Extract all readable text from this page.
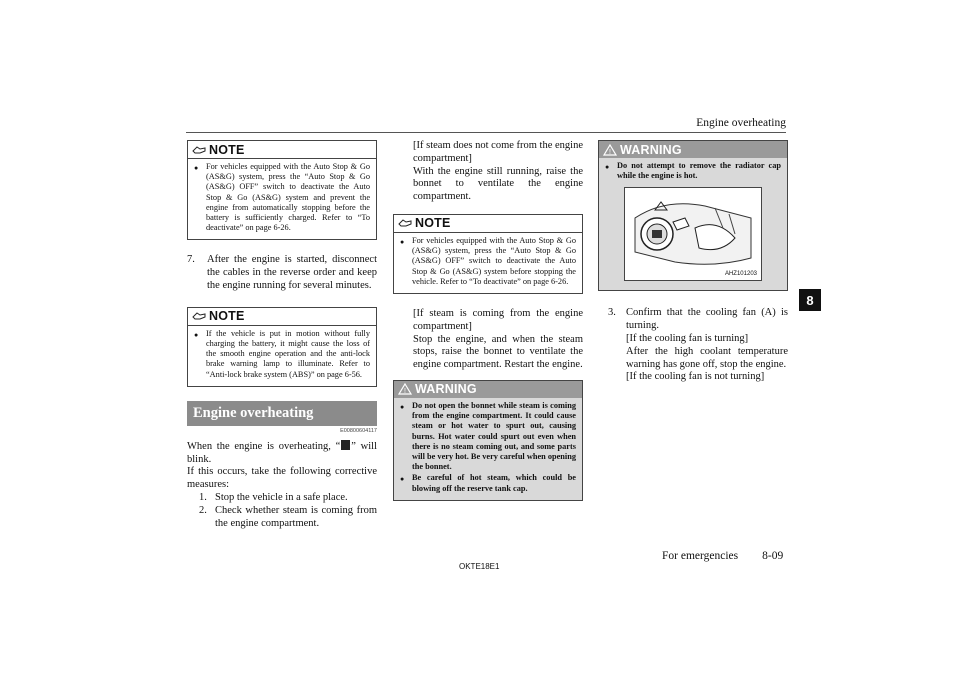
Engine overheating
8
NOTE
● For vehicles equipped with the Auto Stop & Go (AS&G) system, press the “Auto Stop & Go (AS&G) OFF” switch to deactivate the Auto Stop & Go (AS&G) system and prevent the engine from automatically stopping before the battery is sufficiently charged. Refer to “To deactivate” on page 6-26.
7.	After the engine is started, disconnect the cables in the reverse order and keep the engine running for several minutes.
NOTE
● If the vehicle is put in motion without fully charging the battery, it might cause the loss of the smooth engine operation and the anti-lock brake warning lamp to illuminate. Refer to “Anti-lock brake system (ABS)” on page 6-56.
Engine overheating
E00800604117

When the engine is overheating, “ ” will blink.

If this occurs, take the following corrective measures:

1. Stop the vehicle in a safe place.
2. Check whether steam is coming from the engine compartment.

[If steam does not come from the engine compartment]

With the engine still running, raise the bonnet to ventilate the engine compartment.

NOTE
● For vehicles equipped with the Auto Stop & Go (AS&G) system, press the “Auto Stop & Go (AS&G) OFF” switch to deactivate the Auto Stop & Go (AS&G) system before stopping the vehicle. Refer to “To deactivate” on page 6-26.

[If steam is coming from the engine compartment]

Stop the engine, and when the steam stops, raise the bonnet to ventilate the engine compartment. Restart the engine.

! WARNING
● Do not open the bonnet while steam is coming from the engine compartment. It could cause steam or hot water to spurt out, causing burns. Hot water could spurt out even when there is no steam coming out, and some parts will be very hot. Be very careful when opening the bonnet.
● Be careful of hot steam, which could be blowing off the reserve tank cap.
! WARNING
● Do not attempt to remove the radiator cap while the engine is hot.
AHZ101203
3. Confirm that the cooling fan (A) is turning.

[If the cooling fan is turning]

After the high coolant temperature warning has gone off, stop the engine.

[If the cooling fan is not turning]

OKTE18E1
For emergencies 8-09
